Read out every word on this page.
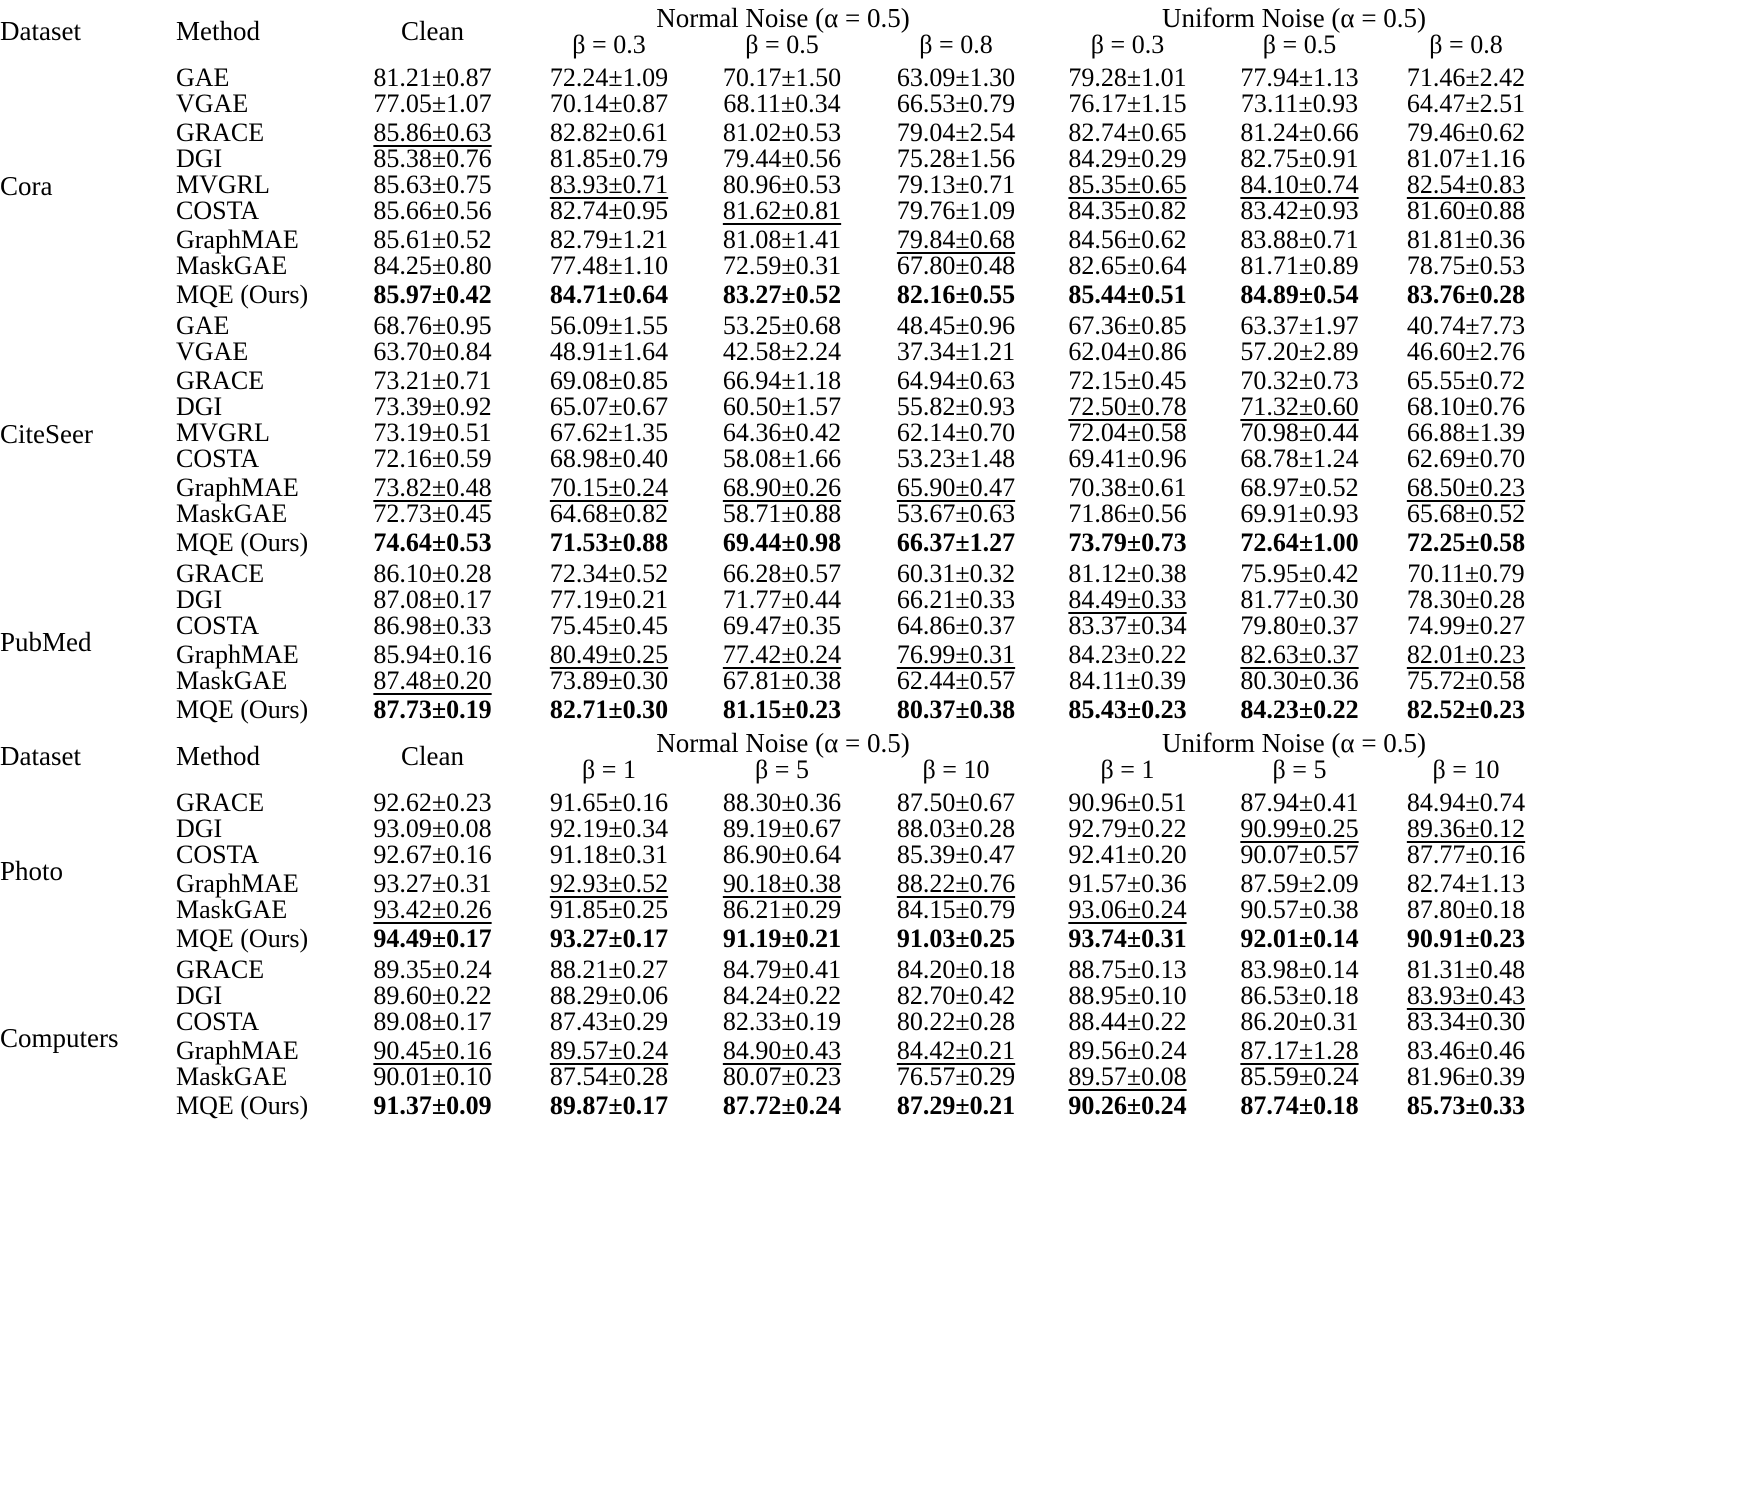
Dataset	Method	Clean	Normal Noise (α = 0.5)			Uniform Noise (α = 0.5)		
			β = 0.3	β = 0.5	β = 0.8	β = 0.3	β = 0.5	β = 0.8

Cora	GAE	81.21±0.87	72.24±1.09	70.17±1.50	63.09±1.30	79.28±1.01	77.94±1.13	71.46±2.42
	VGAE	77.05±1.07	70.14±0.87	68.11±0.34	66.53±0.79	76.17±1.15	73.11±0.93	64.47±2.51

	GRACE	85.86±0.63	82.82±0.61	81.02±0.53	79.04±2.54	82.74±0.65	81.24±0.66	79.46±0.62
	DGI	85.38±0.76	81.85±0.79	79.44±0.56	75.28±1.56	84.29±0.29	82.75±0.91	81.07±1.16
	MVGRL	85.63±0.75	83.93±0.71	80.96±0.53	79.13±0.71	85.35±0.65	84.10±0.74	82.54±0.83
	COSTA	85.66±0.56	82.74±0.95	81.62±0.81	79.76±1.09	84.35±0.82	83.42±0.93	81.60±0.88

	GraphMAE	85.61±0.52	82.79±1.21	81.08±1.41	79.84±0.68	84.56±0.62	83.88±0.71	81.81±0.36
	MaskGAE	84.25±0.80	77.48±1.10	72.59±0.31	67.80±0.48	82.65±0.64	81.71±0.89	78.75±0.53

	MQE (Ours)	85.97±0.42	84.71±0.64	83.27±0.52	82.16±0.55	85.44±0.51	84.89±0.54	83.76±0.28

CiteSeer	GAE	68.76±0.95	56.09±1.55	53.25±0.68	48.45±0.96	67.36±0.85	63.37±1.97	40.74±7.73
	VGAE	63.70±0.84	48.91±1.64	42.58±2.24	37.34±1.21	62.04±0.86	57.20±2.89	46.60±2.76

	GRACE	73.21±0.71	69.08±0.85	66.94±1.18	64.94±0.63	72.15±0.45	70.32±0.73	65.55±0.72
	DGI	73.39±0.92	65.07±0.67	60.50±1.57	55.82±0.93	72.50±0.78	71.32±0.60	68.10±0.76
	MVGRL	73.19±0.51	67.62±1.35	64.36±0.42	62.14±0.70	72.04±0.58	70.98±0.44	66.88±1.39
	COSTA	72.16±0.59	68.98±0.40	58.08±1.66	53.23±1.48	69.41±0.96	68.78±1.24	62.69±0.70

	GraphMAE	73.82±0.48	70.15±0.24	68.90±0.26	65.90±0.47	70.38±0.61	68.97±0.52	68.50±0.23
	MaskGAE	72.73±0.45	64.68±0.82	58.71±0.88	53.67±0.63	71.86±0.56	69.91±0.93	65.68±0.52

	MQE (Ours)	74.64±0.53	71.53±0.88	69.44±0.98	66.37±1.27	73.79±0.73	72.64±1.00	72.25±0.58

PubMed	GRACE	86.10±0.28	72.34±0.52	66.28±0.57	60.31±0.32	81.12±0.38	75.95±0.42	70.11±0.79
	DGI	87.08±0.17	77.19±0.21	71.77±0.44	66.21±0.33	84.49±0.33	81.77±0.30	78.30±0.28
	COSTA	86.98±0.33	75.45±0.45	69.47±0.35	64.86±0.37	83.37±0.34	79.80±0.37	74.99±0.27

	GraphMAE	85.94±0.16	80.49±0.25	77.42±0.24	76.99±0.31	84.23±0.22	82.63±0.37	82.01±0.23
	MaskGAE	87.48±0.20	73.89±0.30	67.81±0.38	62.44±0.57	84.11±0.39	80.30±0.36	75.72±0.58

	MQE (Ours)	87.73±0.19	82.71±0.30	81.15±0.23	80.37±0.38	85.43±0.23	84.23±0.22	82.52±0.23

Dataset	Method	Clean	Normal Noise (α = 0.5)			Uniform Noise (α = 0.5)		
			β = 1	β = 5	β = 10	β = 1	β = 5	β = 10

Photo	GRACE	92.62±0.23	91.65±0.16	88.30±0.36	87.50±0.67	90.96±0.51	87.94±0.41	84.94±0.74
	DGI	93.09±0.08	92.19±0.34	89.19±0.67	88.03±0.28	92.79±0.22	90.99±0.25	89.36±0.12
	COSTA	92.67±0.16	91.18±0.31	86.90±0.64	85.39±0.47	92.41±0.20	90.07±0.57	87.77±0.16

	GraphMAE	93.27±0.31	92.93±0.52	90.18±0.38	88.22±0.76	91.57±0.36	87.59±2.09	82.74±1.13
	MaskGAE	93.42±0.26	91.85±0.25	86.21±0.29	84.15±0.79	93.06±0.24	90.57±0.38	87.80±0.18

	MQE (Ours)	94.49±0.17	93.27±0.17	91.19±0.21	91.03±0.25	93.74±0.31	92.01±0.14	90.91±0.23

Computers	GRACE	89.35±0.24	88.21±0.27	84.79±0.41	84.20±0.18	88.75±0.13	83.98±0.14	81.31±0.48
	DGI	89.60±0.22	88.29±0.06	84.24±0.22	82.70±0.42	88.95±0.10	86.53±0.18	83.93±0.43
	COSTA	89.08±0.17	87.43±0.29	82.33±0.19	80.22±0.28	88.44±0.22	86.20±0.31	83.34±0.30

	GraphMAE	90.45±0.16	89.57±0.24	84.90±0.43	84.42±0.21	89.56±0.24	87.17±1.28	83.46±0.46
	MaskGAE	90.01±0.10	87.54±0.28	80.07±0.23	76.57±0.29	89.57±0.08	85.59±0.24	81.96±0.39

	MQE (Ours)	91.37±0.09	89.87±0.17	87.72±0.24	87.29±0.21	90.26±0.24	87.74±0.18	85.73±0.33
